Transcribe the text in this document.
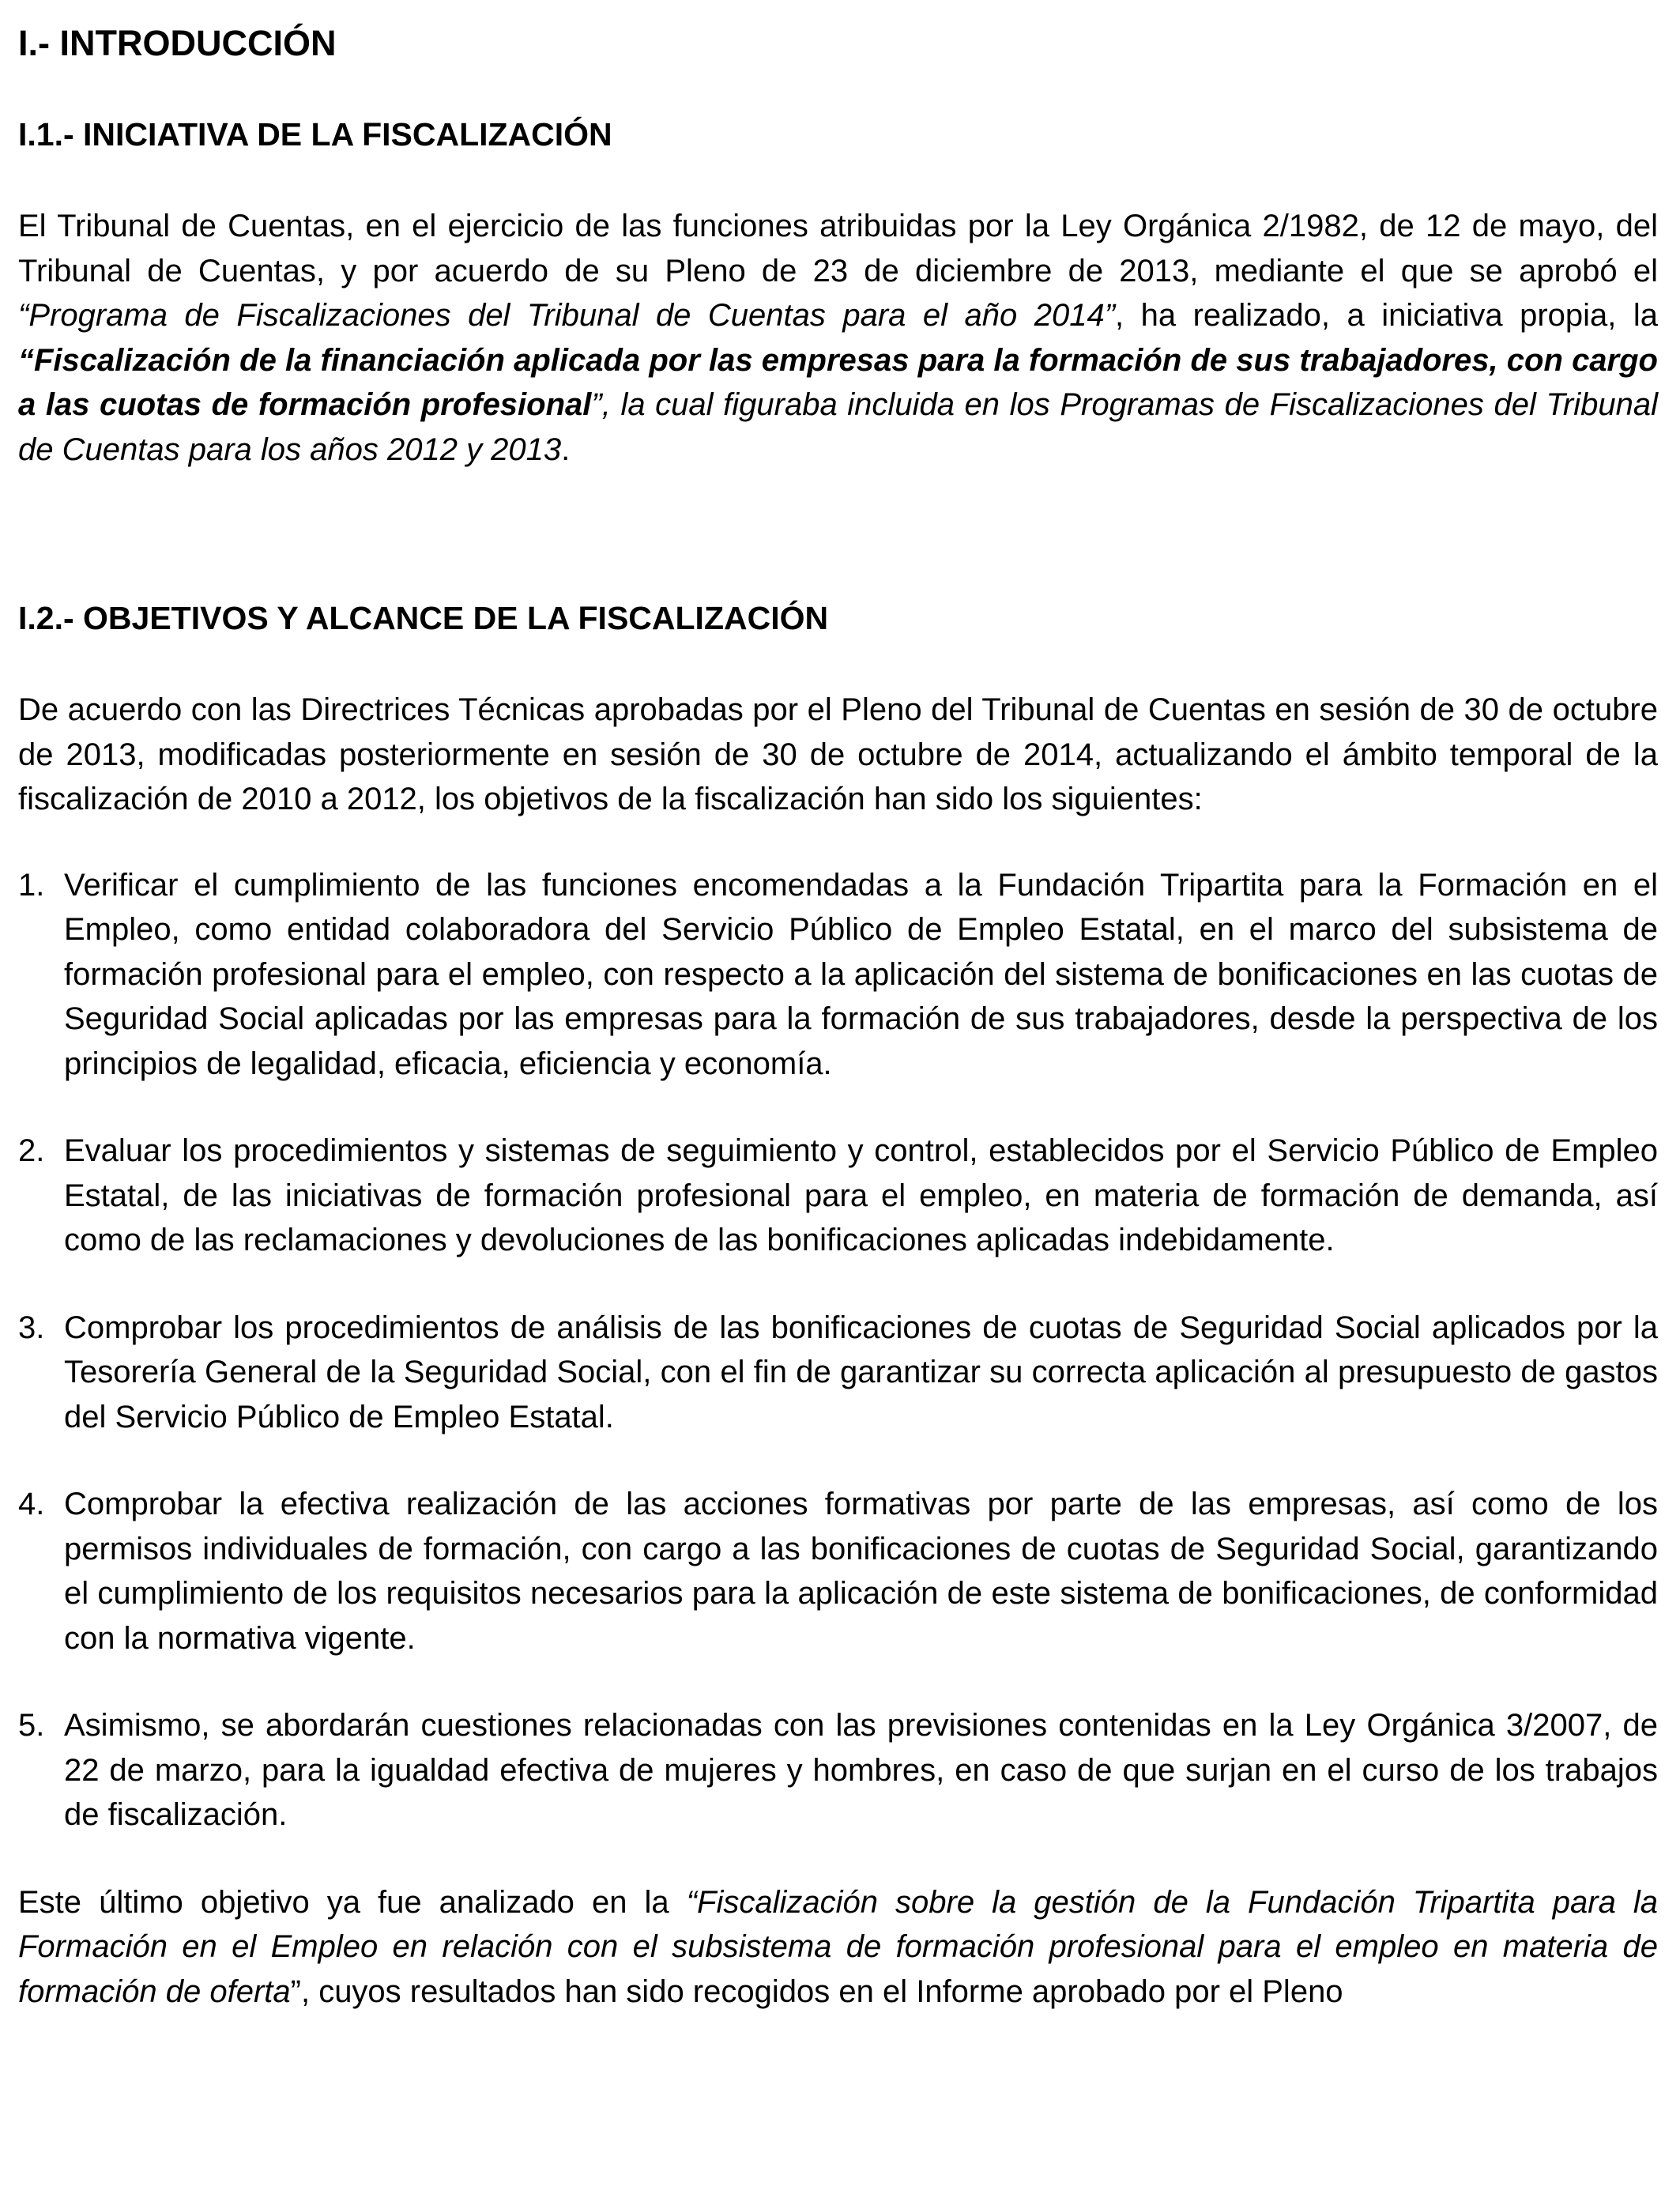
I.- INTRODUCCIÓN
I.1.- INICIATIVA DE LA FISCALIZACIÓN

El Tribunal de Cuentas, en el ejercicio de las funciones atribuidas por la Ley Orgánica 2/1982, de 12 de mayo, del Tribunal de Cuentas, y por acuerdo de su Pleno de 23 de diciembre de 2013, mediante el que se aprobó el “Programa de Fiscalizaciones del Tribunal de Cuentas para el año 2014”, ha realizado, a iniciativa propia, la “Fiscalización de la financiación aplicada por las empresas para la formación de sus trabajadores, con cargo a las cuotas de formación profesional”, la cual figuraba incluida en los Programas de Fiscalizaciones del Tribunal de Cuentas para los años 2012 y 2013.

I.2.- OBJETIVOS Y ALCANCE DE LA FISCALIZACIÓN

De acuerdo con las Directrices Técnicas aprobadas por el Pleno del Tribunal de Cuentas en sesión de 30 de octubre de 2013, modificadas posteriormente en sesión de 30 de octubre de 2014, actualizando el ámbito temporal de la fiscalización de 2010 a 2012, los objetivos de la fiscalización han sido los siguientes:

1. Verificar el cumplimiento de las funciones encomendadas a la Fundación Tripartita para la Formación en el Empleo, como entidad colaboradora del Servicio Público de Empleo Estatal, en el marco del subsistema de formación profesional para el empleo, con respecto a la aplicación del sistema de bonificaciones en las cuotas de Seguridad Social aplicadas por las empresas para la formación de sus trabajadores, desde la perspectiva de los principios de legalidad, eficacia, eficiencia y economía.
2. Evaluar los procedimientos y sistemas de seguimiento y control, establecidos por el Servicio Público de Empleo Estatal, de las iniciativas de formación profesional para el empleo, en materia de formación de demanda, así como de las reclamaciones y devoluciones de las bonificaciones aplicadas indebidamente.
3. Comprobar los procedimientos de análisis de las bonificaciones de cuotas de Seguridad Social aplicados por la Tesorería General de la Seguridad Social, con el fin de garantizar su correcta aplicación al presupuesto de gastos del Servicio Público de Empleo Estatal.
4. Comprobar la efectiva realización de las acciones formativas por parte de las empresas, así como de los permisos individuales de formación, con cargo a las bonificaciones de cuotas de Seguridad Social, garantizando el cumplimiento de los requisitos necesarios para la aplicación de este sistema de bonificaciones, de conformidad con la normativa vigente.
5. Asimismo, se abordarán cuestiones relacionadas con las previsiones contenidas en la Ley Orgánica 3/2007, de 22 de marzo, para la igualdad efectiva de mujeres y hombres, en caso de que surjan en el curso de los trabajos de fiscalización.

Este último objetivo ya fue analizado en la “Fiscalización sobre la gestión de la Fundación Tripartita para la Formación en el Empleo en relación con el subsistema de formación profesional para el empleo en materia de formación de oferta”, cuyos resultados han sido recogidos en el Informe aprobado por el Pleno
